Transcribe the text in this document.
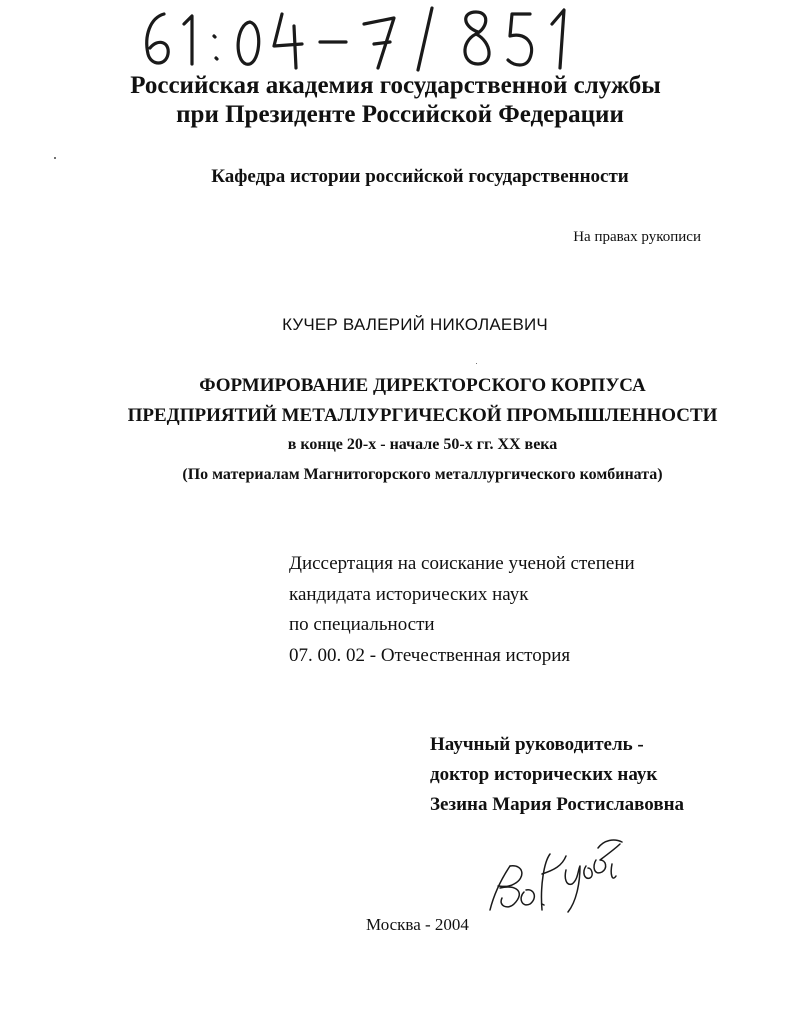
Российская академия государственной службы
при Президенте Российской Федерации
Кафедра истории российской государственности
На правах рукописи
КУЧЕР ВАЛЕРИЙ НИКОЛАЕВИЧ
ФОРМИРОВАНИЕ ДИРЕКТОРСКОГО КОРПУСА
ПРЕДПРИЯТИЙ МЕТАЛЛУРГИЧЕСКОЙ ПРОМЫШЛЕННОСТИ
в конце 20-х - начале 50-х гг. XX века
(По материалам Магнитогорского металлургического комбината)
Диссертация на соискание ученой степени
кандидата исторических наук
по специальности
07. 00. 02 - Отечественная история
Научный руководитель -
доктор исторических наук
Зезина Мария Ростиславовна
Москва - 2004
